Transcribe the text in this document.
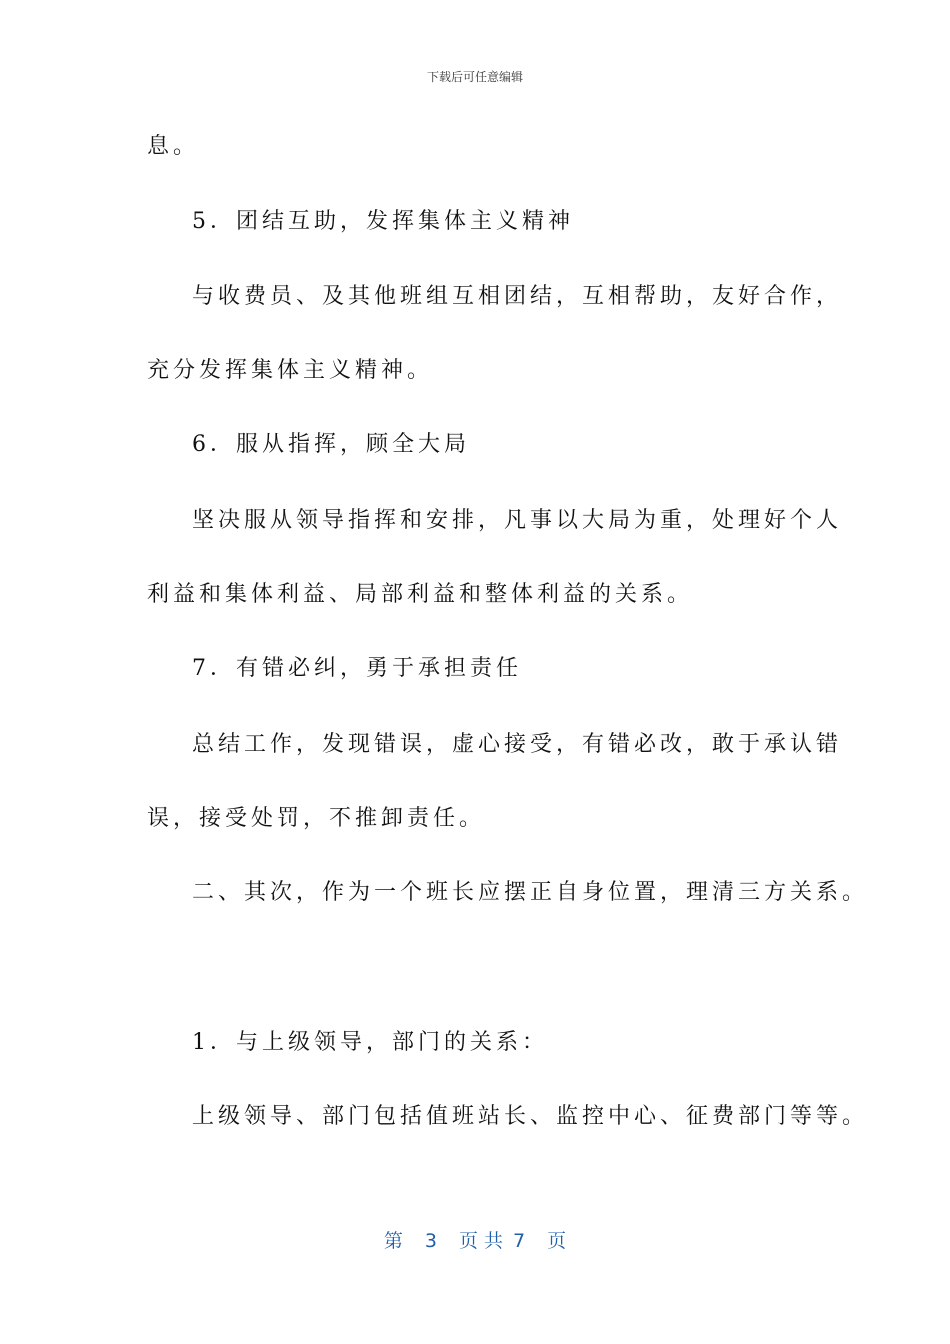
下载后可任意编辑
息。
5．团结互助，发挥集体主义精神
与收费员、及其他班组互相团结，互相帮助，友好合作，
充分发挥集体主义精神。
6．服从指挥，顾全大局
坚决服从领导指挥和安排，凡事以大局为重，处理好个人
利益和集体利益、局部利益和整体利益的关系。
7．有错必纠，勇于承担责任
总结工作，发现错误，虚心接受，有错必改，敢于承认错
误，接受处罚，不推卸责任。
二、其次，作为一个班长应摆正自身位置，理清三方关系。
1．与上级领导，部门的关系：
上级领导、部门包括值班站长、监控中心、征费部门等等。
第 3 页 共 7 页
